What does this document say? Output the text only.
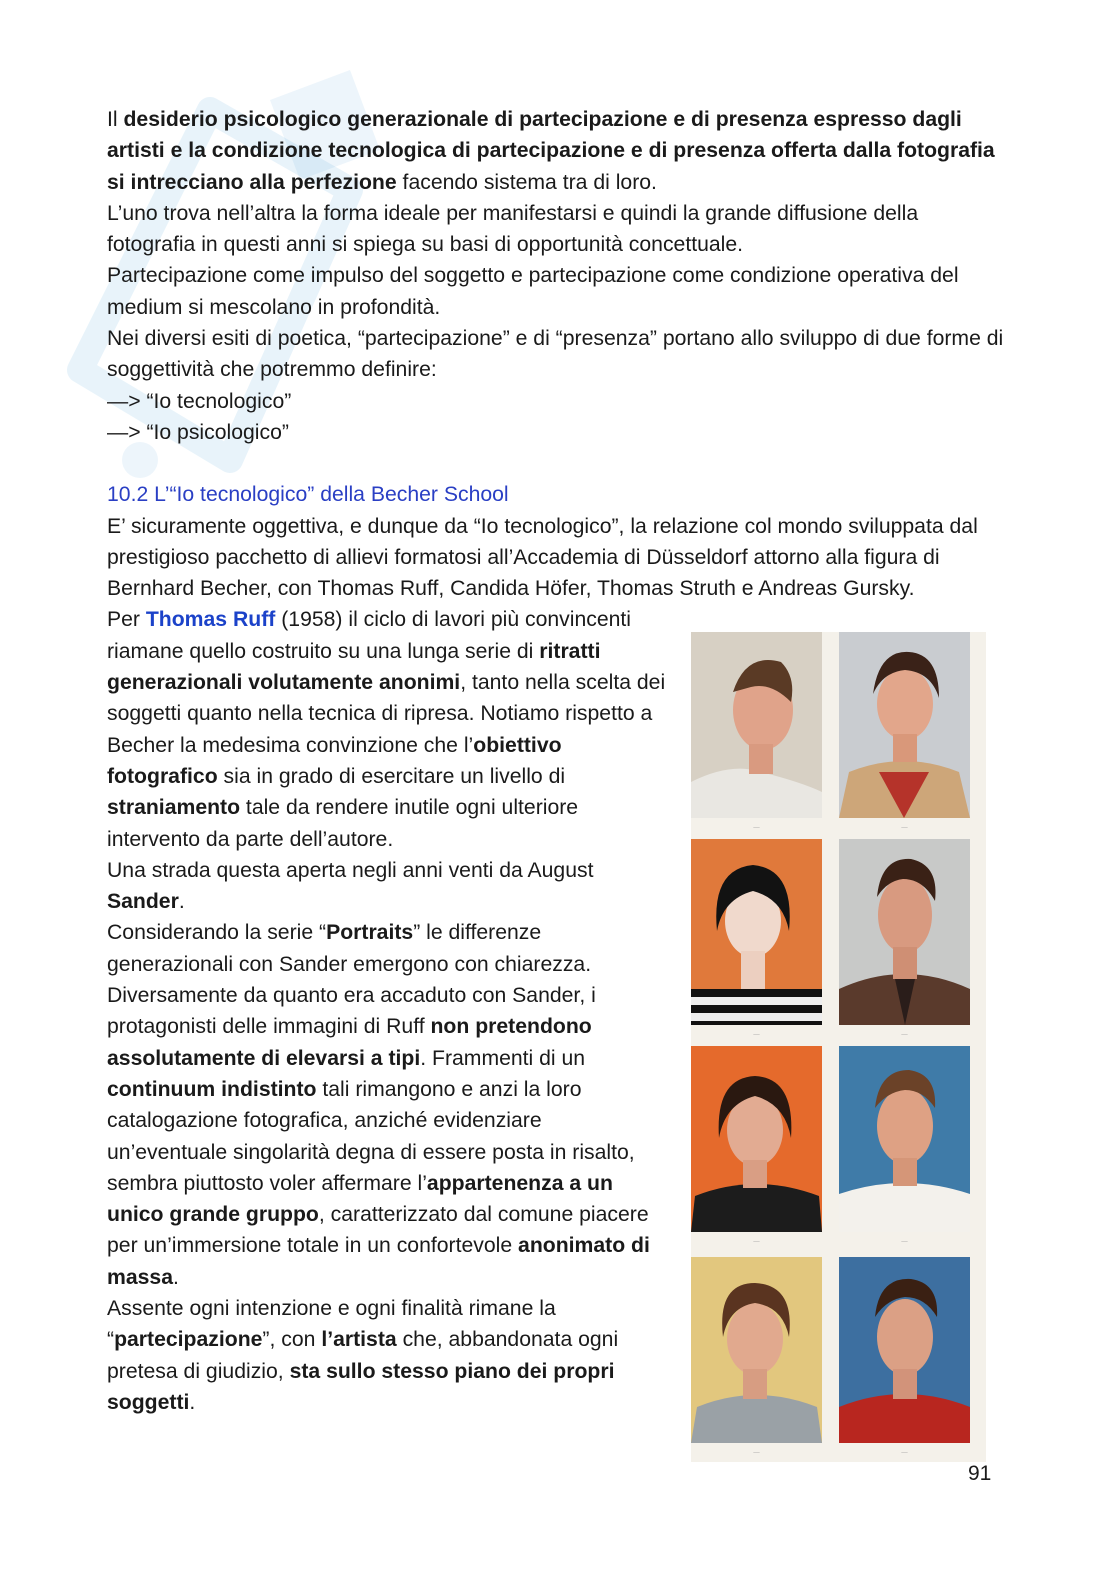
Il desiderio psicologico generazionale di partecipazione e di presenza espresso dagli artisti e la condizione tecnologica di partecipazione e di presenza offerta dalla fotografia si intrecciano alla perfezione facendo sistema tra di loro.

L’uno trova nell’altra la forma ideale per manifestarsi e quindi la grande diffusione della fotografia in questi anni si spiega su basi di opportunità concettuale.

Partecipazione come impulso del soggetto e partecipazione come condizione operativa del medium si mescolano in profondità.

Nei diversi esiti di poetica, “partecipazione” e di “presenza” portano allo sviluppo di due forme di soggettività che potremmo definire:

—> “Io tecnologico”

—> “Io psicologico”

10.2 L’“Io tecnologico” della Becher School

E’ sicuramente oggettiva, e dunque da “Io tecnologico”, la relazione col mondo sviluppata dal prestigioso pacchetto di allievi formatosi all’Accademia di Düsseldorf attorno alla figura di Bernhard Becher, con Thomas Ruff, Candida Höfer, Thomas Struth e Andreas Gursky.

Per Thomas Ruff (1958) il ciclo di lavori più convincenti riamane quello costruito su una lunga serie di ritratti generazionali volutamente anonimi, tanto nella scelta dei soggetti quanto nella tecnica di ripresa. Notiamo rispetto a Becher la medesima convinzione che l’obiettivo fotografico sia in grado di esercitare un livello di straniamento tale da rendere inutile ogni ulteriore intervento da parte dell’autore.

Una strada questa aperta negli anni venti da August Sander.

Considerando la serie “Portraits” le differenze generazionali con Sander emergono con chiarezza. Diversamente da quanto era accaduto con Sander, i protagonisti delle immagini di Ruff non pretendono assolutamente di elevarsi a tipi. Frammenti di un continuum indistinto tali rimangono e anzi la loro catalogazione fotografica, anziché evidenziare un’eventuale singolarità degna di essere posta in risalto, sembra piuttosto voler affermare l’appartenenza a un unico grande gruppo, caratterizzato dal comune piacere per un’immersione totale in un confortevole anonimato di massa.

Assente ogni intenzione e ogni finalità rimane la “partecipazione”, con l’artista che, abbandonata ogni pretesa di giudizio, sta sullo stesso piano dei propri soggetti.

—	—
—	—
—	—
—	—
91
